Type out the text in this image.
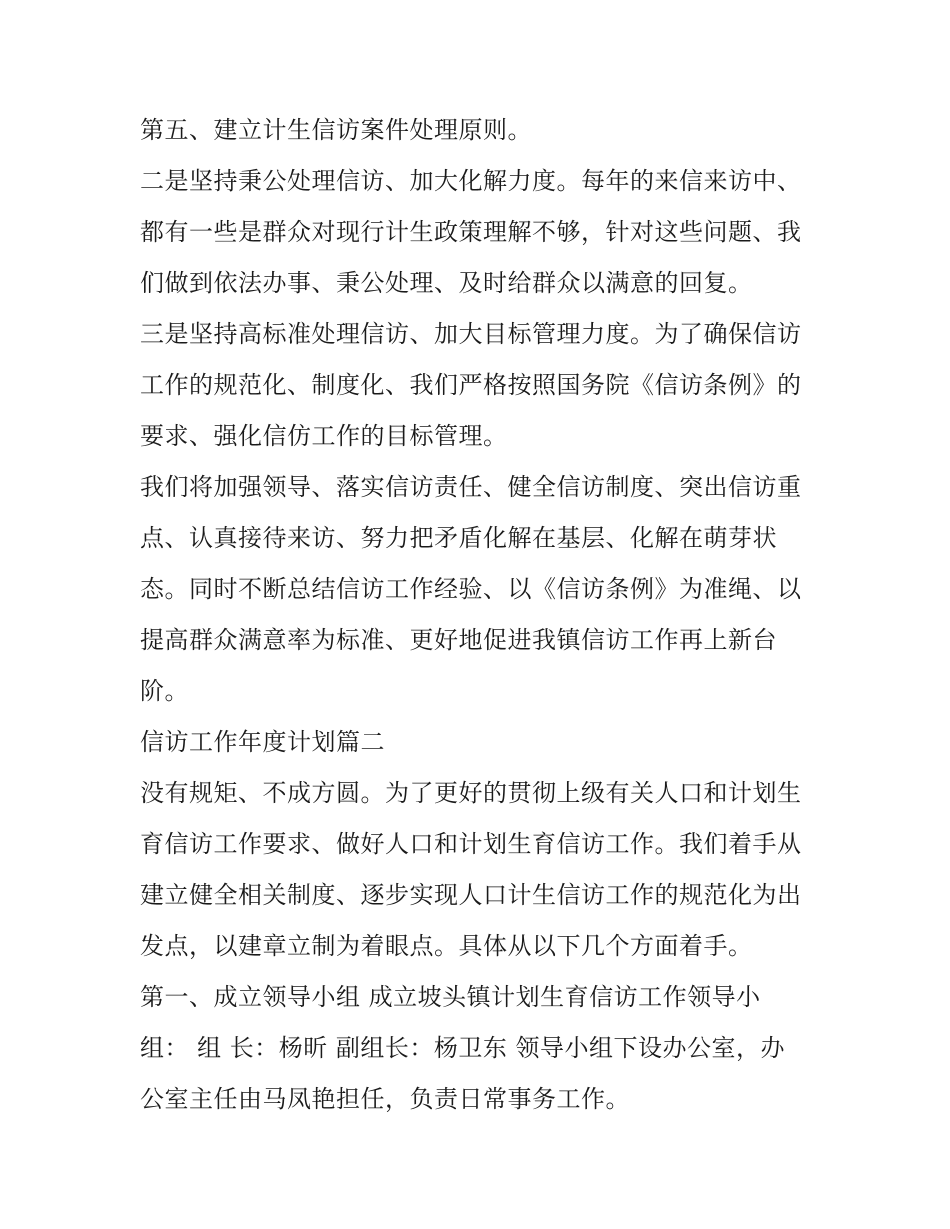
第五、建立计生信访案件处理原则。
二是坚持秉公处理信访、加大化解力度。每年的来信来访中、
都有一些是群众对现行计生政策理解不够，针对这些问题、我
们做到依法办事、秉公处理、及时给群众以满意的回复。
三是坚持高标准处理信访、加大目标管理力度。为了确保信访
工作的规范化、制度化、我们严格按照国务院《信访条例》的
要求、强化信仿工作的目标管理。
我们将加强领导、落实信访责任、健全信访制度、突出信访重
点、认真接待来访、努力把矛盾化解在基层、化解在萌芽状
态。同时不断总结信访工作经验、以《信访条例》为准绳、以
提高群众满意率为标准、更好地促进我镇信访工作再上新台
阶。
信访工作年度计划篇二
没有规矩、不成方圆。为了更好的贯彻上级有关人口和计划生
育信访工作要求、做好人口和计划生育信访工作。我们着手从
建立健全相关制度、逐步实现人口计生信访工作的规范化为出
发点，以建章立制为着眼点。具体从以下几个方面着手。
第一、成立领导小组 成立坡头镇计划生育信访工作领导小
组： 组 长：杨昕 副组长：杨卫东 领导小组下设办公室，办
公室主任由马凤艳担任，负责日常事务工作。
